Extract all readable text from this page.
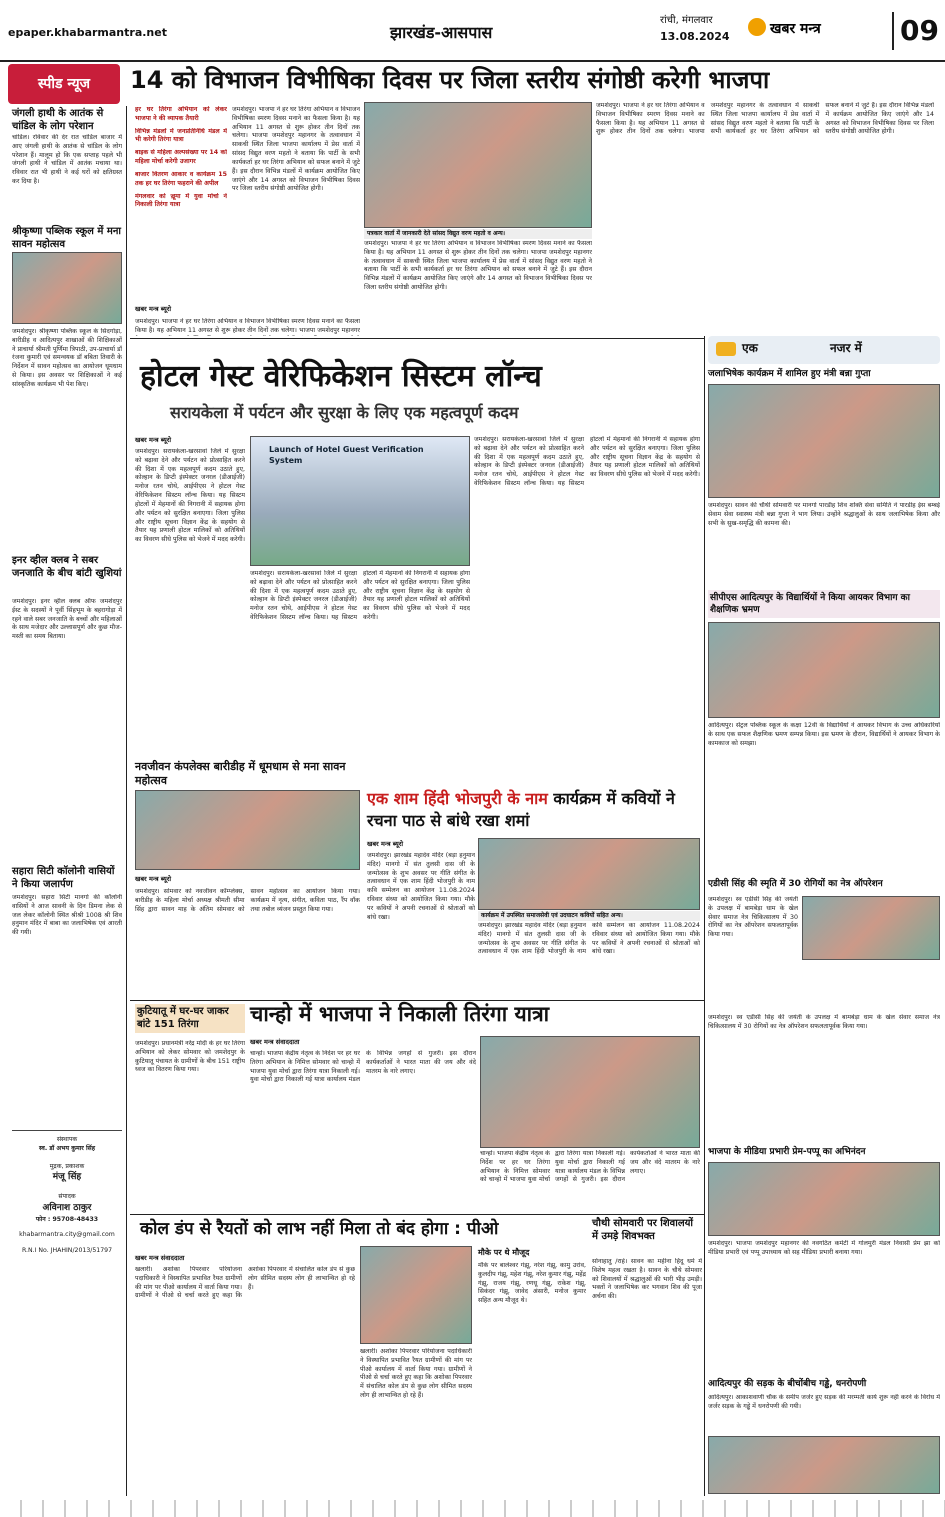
epaper.khabarmantra.net	झारखंड-आसपास
रांची, मंगलवार
13.08.2024	खबर मन्त्र	09
स्पीड न्यूज	14 को विभाजन विभीषिका दिवस पर जिला स्तरीय संगोष्ठी करेगी भाजपा
जंगली हाथी के आतंक से चांडिल के लोग परेशान
चांडिल। रविवार की देर रात चांडिल बाजार में आए जंगली हाथी के आतंक से चांडिल के लोग परेशान हैं। मालूम हो कि एक सप्ताह पहले भी जंगली हाथी ने चांडिल में आतंक मचाया था। रविवार रात भी हाथी ने कई घरों को क्षतिग्रस्त कर दिया है।
श्रीकृष्णा पब्लिक स्कूल में मना सावन महोत्सव
जमशेदपुर। श्रीकृष्णा पब्लिक स्कूल के सिदगोड़ा, बारीडीह व आदित्यपुर शाखाओं की शिक्षिकाओं ने प्राचार्या श्रीमती पूर्णिमा त्रिपाठी, उप-प्राचार्या डॉ रंजना कुमारी एवं समन्वयक डॉ बबिता तिवारी के निर्देशन में सावन महोत्सव का आयोजन धूमधाम से किया। इस अवसर पर शिक्षिकाओं ने कई सांस्कृतिक कार्यक्रम भी पेश किए।
इनर व्हील क्लब ने सबर जनजाति के बीच बांटी खुशियां
जमशेदपुर। इनर व्हील क्लब ऑफ जमशेदपुर ईस्ट के सदस्यों ने पूर्वी सिंहभूम के बहरागोड़ा में रहने वाले सबर जनजाति के बच्चों और महिलाओं के साथ मजेदार और उल्लासपूर्ण और कुछ मौज-मस्ती का समय बिताया।
सहारा सिटी कॉलोनी वासियों ने किया जलार्पण
जमशेदपुर। सहारा सिटी मानगो की कॉलोनी वासियों ने आज सावनी के दिन डिमना लेक से जल लेकर कॉलोनी स्थित श्रीश्री 1008 श्री शिव हनुमान मंदिर में बाबा का जलाभिषेक एवं आरती की गयी।
संस्थापक
स्व. डॉ अभय कुमार सिंह
मुद्रक, प्रकाशक
मंजू सिंह
संपादक
अविनाश ठाकुर
फोन : 95708-48433
khabarmantra.city@gmail.com
R.N.I No. JHAHIN/2013/51797
हर घर तिरंगा अभियान को लेकर भाजपा ने की व्यापक तैयारी
विभिन्न मंडलों में जनप्रतिनिधि मंडल में भी करेगी तिरंगा यात्रा
बाइक से महिला अल्पसंख्या पर 14 को महिला मोर्चा करेगी उजागर
बाजार वितरण आकार व कार्यक्रम 15 तक हर घर तिरंगा फहराने की अपील
मंगलवार को ज़्रूमा में युवा मोर्चा ने निकाली तिरंगा यात्रा
खबर मन्त्र ब्यूरो
जमशेदपुर। भाजपा ने हर घर तिरंगा अभियान व विभाजन विभीषिका स्मरण दिवस मनाने का फैसला किया है। यह अभियान 11 अगस्त से शुरू होकर तीन दिनों तक चलेगा। भाजपा जमशेदपुर महानगर
जमशेदपुर। भाजपा ने हर घर तिरंगा अभियान व विभाजन विभीषिका स्मरण दिवस मनाने का फैसला किया है। यह अभियान 11 अगस्त से शुरू होकर तीन दिनों तक चलेगा। भाजपा जमशेदपुर महानगर के तत्वावधान में साकची स्थित जिला भाजपा कार्यालय में प्रेस वार्ता में सांसद विद्युत वरण महतो ने बताया कि पार्टी के सभी कार्यकर्ता हर घर तिरंगा अभियान को सफल बनाने में जुटे हैं। इस दौरान विभिन्न मंडलों में कार्यक्रम आयोजित किए जाएंगे और 14 अगस्त को विभाजन विभीषिका दिवस पर जिला स्तरीय संगोष्ठी आयोजित होगी।
पत्रकार वार्ता में जानकारी देते सांसद विद्युत वरण महतो व अन्य।
जमशेदपुर। भाजपा ने हर घर तिरंगा अभियान व विभाजन विभीषिका स्मरण दिवस मनाने का फैसला किया है। यह अभियान 11 अगस्त से शुरू होकर तीन दिनों तक चलेगा। भाजपा जमशेदपुर महानगर के तत्वावधान में साकची स्थित जिला भाजपा कार्यालय में प्रेस वार्ता में सांसद विद्युत वरण महतो ने बताया कि पार्टी के सभी कार्यकर्ता हर घर तिरंगा अभियान को सफल बनाने में जुटे हैं। इस दौरान विभिन्न मंडलों में कार्यक्रम आयोजित किए जाएंगे और 14 अगस्त को विभाजन विभीषिका दिवस पर जिला स्तरीय संगोष्ठी आयोजित होगी।
जमशेदपुर। भाजपा ने हर घर तिरंगा अभियान व विभाजन विभीषिका स्मरण दिवस मनाने का फैसला किया है। यह अभियान 11 अगस्त से शुरू होकर तीन दिनों तक चलेगा। भाजपा जमशेदपुर महानगर के तत्वावधान में साकची स्थित जिला भाजपा कार्यालय में प्रेस वार्ता में सांसद विद्युत वरण महतो ने बताया कि पार्टी के सभी कार्यकर्ता हर घर तिरंगा अभियान को सफल बनाने में जुटे हैं। इस दौरान विभिन्न मंडलों में कार्यक्रम आयोजित किए जाएंगे और 14 अगस्त को विभाजन विभीषिका दिवस पर जिला स्तरीय संगोष्ठी आयोजित होगी।
होटल गेस्ट वेरिफिकेशन सिस्टम लॉन्च
सरायकेला में पर्यटन और सुरक्षा के लिए एक महत्वपूर्ण कदम
Launch of Hotel Guest Verification System
खबर मन्त्र ब्यूरो
जमशेदपुर। सरायकेला-खरसावां जिले में सुरक्षा को बढ़ावा देने और पर्यटन को प्रोत्साहित करने की दिशा में एक महत्वपूर्ण कदम उठाते हुए, कोल्हान के डिप्टी इंस्पेक्टर जनरल (डीआईजी) मनोज रतन चोथे, आईपीएस ने होटल गेस्ट वेरिफिकेशन सिस्टम लॉन्च किया। यह सिस्टम होटलों में मेहमानों की निगरानी में सहायक होगा और पर्यटन को सुरक्षित बनाएगा। जिला पुलिस और राष्ट्रीय सूचना विज्ञान केंद्र के सहयोग से तैयार यह प्रणाली होटल मालिकों को अतिथियों का विवरण सीधे पुलिस को भेजने में मदद करेगी।
जमशेदपुर। सरायकेला-खरसावां जिले में सुरक्षा को बढ़ावा देने और पर्यटन को प्रोत्साहित करने की दिशा में एक महत्वपूर्ण कदम उठाते हुए, कोल्हान के डिप्टी इंस्पेक्टर जनरल (डीआईजी) मनोज रतन चोथे, आईपीएस ने होटल गेस्ट वेरिफिकेशन सिस्टम लॉन्च किया। यह सिस्टम होटलों में मेहमानों की निगरानी में सहायक होगा और पर्यटन को सुरक्षित बनाएगा। जिला पुलिस और राष्ट्रीय सूचना विज्ञान केंद्र के सहयोग से तैयार यह प्रणाली होटल मालिकों को अतिथियों का विवरण सीधे पुलिस को भेजने में मदद करेगी।
जमशेदपुर। सरायकेला-खरसावां जिले में सुरक्षा को बढ़ावा देने और पर्यटन को प्रोत्साहित करने की दिशा में एक महत्वपूर्ण कदम उठाते हुए, कोल्हान के डिप्टी इंस्पेक्टर जनरल (डीआईजी) मनोज रतन चोथे, आईपीएस ने होटल गेस्ट वेरिफिकेशन सिस्टम लॉन्च किया। यह सिस्टम होटलों में मेहमानों की निगरानी में सहायक होगा और पर्यटन को सुरक्षित बनाएगा। जिला पुलिस और राष्ट्रीय सूचना विज्ञान केंद्र के सहयोग से तैयार यह प्रणाली होटल मालिकों को अतिथियों का विवरण सीधे पुलिस को भेजने में मदद करेगी।
एक	नजर में
जलाभिषेक कार्यक्रम में शामिल हुए मंत्री बन्ना गुप्ता
जमशेदपुर। सावन की चौथी सोमवारी पर मानगो पारडीह शिव शक्ति सेवा समिति ने पारडीह ईस बम्बई सेवाम सेवा स्वास्थ्य मंत्री बन्ना गुप्ता ने भाग लिया। उन्होंने श्रद्धालुओं के साथ जलाभिषेक किया और सभी के सुख-समृद्धि की कामना की।
सीपीएस आदित्यपुर के विद्यार्थियों ने किया आयकर विभाग का शैक्षणिक भ्रमण
आदित्यपुर। सेंट्रल पब्लिक स्कूल के कक्षा 12वीं के विद्यार्थियों ने आयकर विभाग के उच्च अधिकारियों के साथ एक सफल शैक्षणिक भ्रमण सम्पन्न किया। इस भ्रमण के दौरान, विद्यार्थियों ने आयकर विभाग के कामकाज को समझा।
एडीसी सिंह की स्मृति में 30 रोगियों का नेत्र ऑपरेशन
जमशेदपुर। स्व एडीसी सिंह की जयंती के उपलक्ष में बामबेड़ा धाम के खेल सेवार समाज नेत्र चिकित्सालय में 30 रोगियों का नेत्र ऑपरेशन सफलतापूर्वक किया गया।
जमशेदपुर। स्व एडीसी सिंह की जयंती के उपलक्ष में बामबेड़ा धाम के खेल सेवार समाज नेत्र चिकित्सालय में 30 रोगियों का नेत्र ऑपरेशन सफलतापूर्वक किया गया।
भाजपा के मीडिया प्रभारी प्रेम-पप्पू का अभिनंदन
जमशेदपुर। भाजपा जमशेदपुर महानगर की नवगठित कमेटी में गोलमुरी मंडल निवासी प्रेम झा को मीडिया प्रभारी एवं पप्पू उपाध्याय को सह मीडिया प्रभारी बनाया गया।
आदित्यपुर की सड़क के बीचोंबीच गड्ढे, धनरोपणी
आदित्यपुर। आकाशवाणी चौक के समीप जर्जर हुए सड़क की मरम्मती कार्य शुरू नहीं करने के विरोध में जर्जर सड़क के गड्ढे में धनरोपणी की गयी।
नवजीवन कंपलेक्स बारीडीह में धूमधाम से मना सावन महोत्सव
खबर मन्त्र ब्यूरो
जमशेदपुर। सोमवार को नवजीवन कॉम्प्लेक्स, बारीडीह के महिला मोर्चा अध्यक्ष श्रीमती सीमा सिंह द्वारा सावन माह के अंतिम सोमवार को सावन महोत्सव का आयोजन किया गया। कार्यक्रम में नृत्य, संगीत, कविता पाठ, रैंप वॉक तथा तबोल व्यंजन प्रस्तुत किया गया।
एक शाम हिंदी भोजपुरी के नाम कार्यक्रम में कवियों ने रचना पाठ से बांधे रखा शमां
खबर मन्त्र ब्यूरो
जमशेदपुर। झारखंड महादेव मंदिर (बड़ा हनुमान मंदिर) मानगो में संत तुलसी दास जी के जन्मोत्सव के शुभ अवसर पर गीति संगीत के तत्वावधान में एक शाम हिंदी भोजपुरी के नाम कवि सम्मेलन का आयोजन 11.08.2024 रविवार संध्या को आयोजित किया गया। मौके पर कवियों ने अपनी रचनाओं से श्रोताओं को बांधे रखा।	कार्यक्रम में उपस्थित समाजसेवी एवं उदघाटन कवियों सहित अन्य।
जमशेदपुर। झारखंड महादेव मंदिर (बड़ा हनुमान मंदिर) मानगो में संत तुलसी दास जी के जन्मोत्सव के शुभ अवसर पर गीति संगीत के तत्वावधान में एक शाम हिंदी भोजपुरी के नाम कवि सम्मेलन का आयोजन 11.08.2024 रविवार संध्या को आयोजित किया गया। मौके पर कवियों ने अपनी रचनाओं से श्रोताओं को बांधे रखा।
कुटियातू में घर-घर जाकर बांटे 151 तिरंगा
जमशेदपुर। प्रधानमंत्री नरेंद्र मोदी के हर घर तिरंगा अभियान को लेकर सोमवार को जमशेदपुर के कुटियातू पंचायत के ग्रामीणों के बीच 151 राष्ट्रीय ध्वज का वितरण किया गया।
चान्हो में भाजपा ने निकाली तिरंगा यात्रा
खबर मन्त्र संवाददाता
चान्हो। भाजपा केंद्रीय नेतृत्व के निर्देश पर हर घर तिरंगा अभियान के निमित्त सोमवार को चान्हो में भाजपा युवा मोर्चा द्वारा तिरंगा यात्रा निकाली गई। युवा मोर्चा द्वारा निकाली गई यात्रा कार्यालय मंडल के विभिन्न जगहों से गुजरी। इस दौरान कार्यकर्ताओं ने भारत माता की जय और वंदे मातरम के नारे लगाए।
चान्हो। भाजपा केंद्रीय नेतृत्व के निर्देश पर हर घर तिरंगा अभियान के निमित्त सोमवार को चान्हो में भाजपा युवा मोर्चा द्वारा तिरंगा यात्रा निकाली गई। युवा मोर्चा द्वारा निकाली गई यात्रा कार्यालय मंडल के विभिन्न जगहों से गुजरी। इस दौरान कार्यकर्ताओं ने भारत माता की जय और वंदे मातरम के नारे लगाए।
कोल डंप से रैयतों को लाभ नहीं मिला तो बंद होगा : पीओ
खबर मन्त्र संवाददाता
खलारी। अशोका पिपरवार परियोजना पदाधिकारी ने विस्थापित प्रभावित रैयत ग्रामीणों की मांग पर पीओ कार्यालय में वार्ता किया गया। ग्रामीणों ने पीओ से चर्चा करते हुए कहा कि अशोका पिपरवार में संचालित कोल डंप से कुछ लोग सीमित सदस्य लोग ही लाभान्वित हो रहे हैं।
खलारी। अशोका पिपरवार परियोजना पदाधिकारी ने विस्थापित प्रभावित रैयत ग्रामीणों की मांग पर पीओ कार्यालय में वार्ता किया गया। ग्रामीणों ने पीओ से चर्चा करते हुए कहा कि अशोका पिपरवार में संचालित कोल डंप से कुछ लोग सीमित सदस्य लोग ही लाभान्वित हो रहे हैं।
मौके पर थे मौजूद
मौके पर बालेश्वर गंझू, नरेश गंझू, कामु उरांव, कुलदीप गंझू, महेश गंझू, नरेश कुमार गंझू, महेंद्र गंझू, राजय गंझू, रणधू गंझू, राकेश गंझू, सिकंदर गंझू, जावेद अंसारी, मनोज कुमार सहित अन्य मौजूद थे।
चौथी सोमवारी पर शिवालयों में उमड़े शिवभक्त
सोनाहातु /राहे। सावन का महीना हिंदू धर्म में विशेष महत्व रखता है। सावन के चौथे सोमवार को शिवालयों में श्रद्धालुओं की भारी भीड़ उमड़ी। भक्तों ने जलाभिषेक कर भगवान शिव की पूजा अर्चना की।
